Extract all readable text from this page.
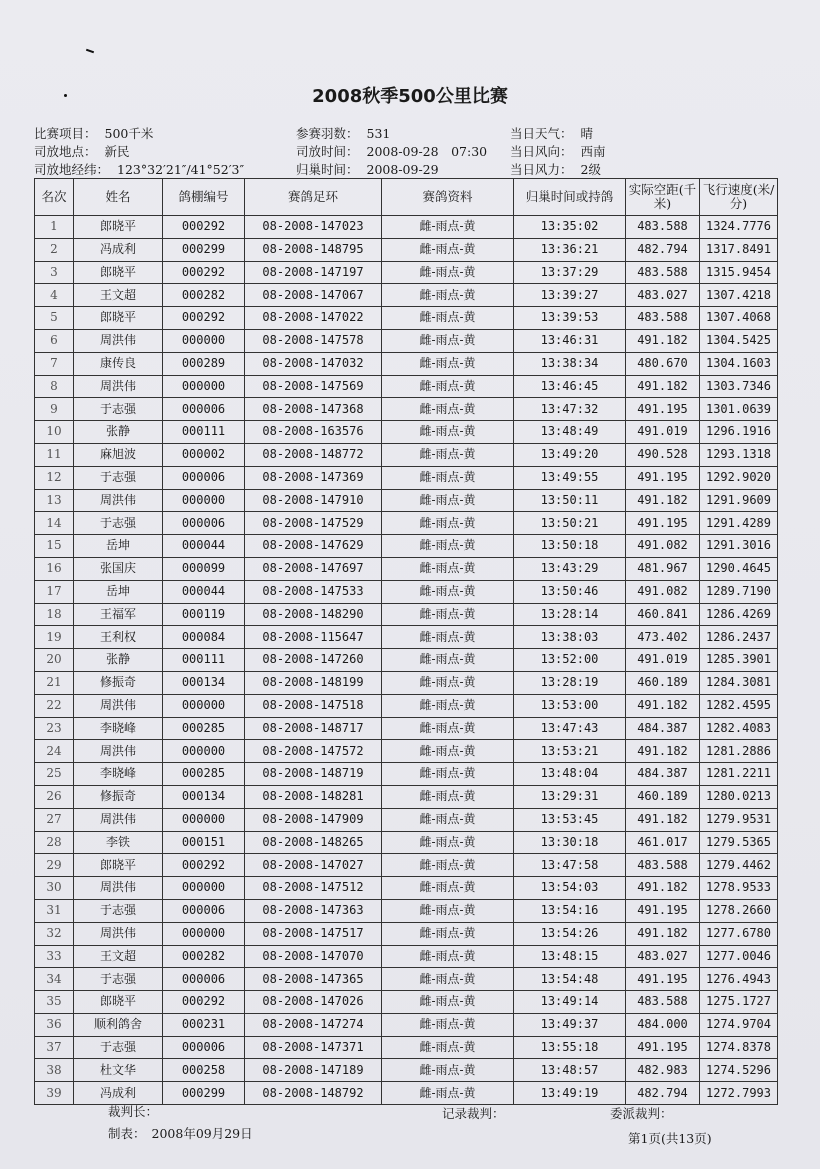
2008秋季500公里比赛
比赛项目： 500千米
司放地点： 新民
司放地经纬： 123°32′21″/41°52′3″
参赛羽数： 531
司放时间： 2008-09-28　07:30
归巢时间： 2008-09-29
当日天气： 晴
当日风向： 西南
当日风力： 2级
名次	姓名	鸽棚编号	赛鸽足环	赛鸽资料	归巢时间或持鸽	实际空距(千米)	飞行速度(米/分)
1	郎晓平	000292	08-2008-147023	雌-雨点-黄	13:35:02	483.588	1324.7776
2	冯成利	000299	08-2008-148795	雌-雨点-黄	13:36:21	482.794	1317.8491
3	郎晓平	000292	08-2008-147197	雌-雨点-黄	13:37:29	483.588	1315.9454
4	王文超	000282	08-2008-147067	雌-雨点-黄	13:39:27	483.027	1307.4218
5	郎晓平	000292	08-2008-147022	雌-雨点-黄	13:39:53	483.588	1307.4068
6	周洪伟	000000	08-2008-147578	雌-雨点-黄	13:46:31	491.182	1304.5425
7	康传良	000289	08-2008-147032	雌-雨点-黄	13:38:34	480.670	1304.1603
8	周洪伟	000000	08-2008-147569	雌-雨点-黄	13:46:45	491.182	1303.7346
9	于志强	000006	08-2008-147368	雌-雨点-黄	13:47:32	491.195	1301.0639
10	张静	000111	08-2008-163576	雌-雨点-黄	13:48:49	491.019	1296.1916
11	麻旭波	000002	08-2008-148772	雌-雨点-黄	13:49:20	490.528	1293.1318
12	于志强	000006	08-2008-147369	雌-雨点-黄	13:49:55	491.195	1292.9020
13	周洪伟	000000	08-2008-147910	雌-雨点-黄	13:50:11	491.182	1291.9609
14	于志强	000006	08-2008-147529	雌-雨点-黄	13:50:21	491.195	1291.4289
15	岳坤	000044	08-2008-147629	雌-雨点-黄	13:50:18	491.082	1291.3016
16	张国庆	000099	08-2008-147697	雌-雨点-黄	13:43:29	481.967	1290.4645
17	岳坤	000044	08-2008-147533	雌-雨点-黄	13:50:46	491.082	1289.7190
18	王福军	000119	08-2008-148290	雌-雨点-黄	13:28:14	460.841	1286.4269
19	王利权	000084	08-2008-115647	雌-雨点-黄	13:38:03	473.402	1286.2437
20	张静	000111	08-2008-147260	雌-雨点-黄	13:52:00	491.019	1285.3901
21	修振奇	000134	08-2008-148199	雌-雨点-黄	13:28:19	460.189	1284.3081
22	周洪伟	000000	08-2008-147518	雌-雨点-黄	13:53:00	491.182	1282.4595
23	李晓峰	000285	08-2008-148717	雌-雨点-黄	13:47:43	484.387	1282.4083
24	周洪伟	000000	08-2008-147572	雌-雨点-黄	13:53:21	491.182	1281.2886
25	李晓峰	000285	08-2008-148719	雌-雨点-黄	13:48:04	484.387	1281.2211
26	修振奇	000134	08-2008-148281	雌-雨点-黄	13:29:31	460.189	1280.0213
27	周洪伟	000000	08-2008-147909	雌-雨点-黄	13:53:45	491.182	1279.9531
28	李铁	000151	08-2008-148265	雌-雨点-黄	13:30:18	461.017	1279.5365
29	郎晓平	000292	08-2008-147027	雌-雨点-黄	13:47:58	483.588	1279.4462
30	周洪伟	000000	08-2008-147512	雌-雨点-黄	13:54:03	491.182	1278.9533
31	于志强	000006	08-2008-147363	雌-雨点-黄	13:54:16	491.195	1278.2660
32	周洪伟	000000	08-2008-147517	雌-雨点-黄	13:54:26	491.182	1277.6780
33	王文超	000282	08-2008-147070	雌-雨点-黄	13:48:15	483.027	1277.0046
34	于志强	000006	08-2008-147365	雌-雨点-黄	13:54:48	491.195	1276.4943
35	郎晓平	000292	08-2008-147026	雌-雨点-黄	13:49:14	483.588	1275.1727
36	顺利鸽舍	000231	08-2008-147274	雌-雨点-黄	13:49:37	484.000	1274.9704
37	于志强	000006	08-2008-147371	雌-雨点-黄	13:55:18	491.195	1274.8378
38	杜文华	000258	08-2008-147189	雌-雨点-黄	13:48:57	482.983	1274.5296
39	冯成利	000299	08-2008-148792	雌-雨点-黄	13:49:19	482.794	1272.7993
裁判长：	记录裁判：	委派裁判：
制表： 2008年09月29日	第1页(共13页)
